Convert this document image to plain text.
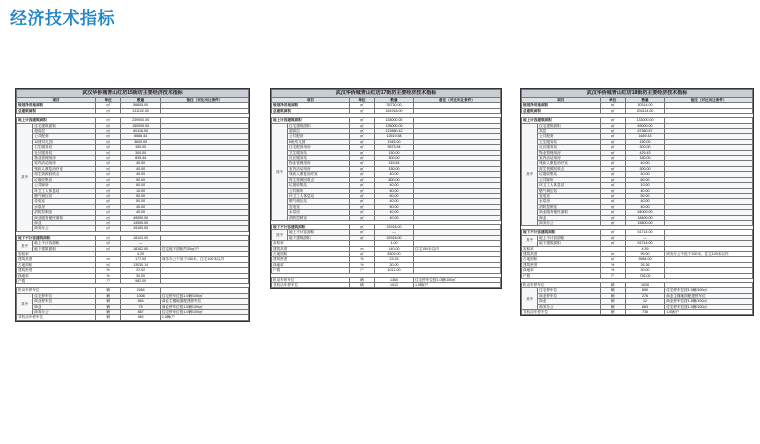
经济技术指标
武汉华侨城青山红坊15街坊主要经济技术指标				
项目		单位	数量	备注（对比出让条件）
规划净用地面积		㎡	56805.00	
总建筑面积		㎡	311102.00	

地上计容建筑面积		㎡	239000.00	
其中	住宅建筑面积	㎡	150000.00	
	超高层	㎡	60116.00	
	公共配套	㎡	6666.44	
	12班幼儿园	㎡	3600.00	
	卫生服务站	㎡	150.00	
	社区服务站	㎡	300.00	
	物业管理用房	㎡	835.44	
	室内活动用房	㎡	40.00	
	残疾人康复治疗室	㎡	40.00	
	再生资源回收点	㎡	40.00	
	垃圾收集站	㎡	50.00	
	公共厕所	㎡	60.00	
	环卫工人休息站	㎡	10.00	
	燃气调压站	㎡	50.00	
	变电室	㎡	50.00	
	水泵房	㎡	40.00	
	消防控制室	㎡	40.00	
	商业服务便民面积	㎡	49000.00	
	商业	㎡	14900.00	
	商务办公	㎡	19100.00	

地下不计容建筑面积		㎡	18102.00	
其中	地上不计容面积	㎡	—	
	地下建筑面积	㎡	18102.00	住宅地下面积约30㎡/户
容积率			4.20	
建筑高度		m	177.00	商务办公不低于150米，住宅100米以内
占地面积		㎡	13030.14	
建筑密度		%	22.92	
绿地率		%	30.00	
户数		户	982.00	

机动车停车位		辆	2464	
其中	住宅停车位	辆	1008	住宅停车位按1.0辆/100㎡
	商业停车位	辆	564	商业主楼地面配建停车位
	商业	辆	75	商业停车位按1.5辆/100㎡
	商务办公	辆	887	住宅停车位按1.0辆/100㎡
非机动车停车位		辆	982	1.0辆/户
武汉华侨城青山红坊17街坊主要经济技术指标				
项目		单位	数量	备注（对比出让条件）
规划净用地面积		㎡	35730.00	
总建筑面积		㎡	161918.00	

地上计容建筑面积		㎡	135000.00	
其中	住宅建筑面积	㎡	135000.00	
	超高层	㎡	122880.42	
	公共配套	㎡	12619.58	
	6班幼儿园	㎡	1945.00	
	住宅配套用房	㎡	9573.94	
	卫生服务站	㎡	150.00	
	社区服务站	㎡	300.00	
	物业管理用房	㎡	315.64	
	室内活动用房	㎡	150.00	
	残疾人康复治疗室	㎡	40.00	
	再生资源回收点	㎡	800.00	
	垃圾收集站	㎡	40.00	
	公共厕所	㎡	60.00	
	环卫工人休息站	㎡	60.00	
	燃气调压站	㎡	40.00	
	变电室	㎡	50.00	
	水泵房	㎡	40.00	
	消防控制室	㎡	40.00	

地下不计容建筑面积		㎡	32918.00	
其中	地上不计容面积	㎡	—	
	地下建筑面积	㎡	32918.00	
容积率			4.00	
建筑高度		m	140.00	住宅150米以内
占地面积		㎡	8309.00	
建筑密度		%	23.25	
绿地率		%	30.00	
户数		户	1012.00	

机动车停车位		辆	1360	住宅停车位按1.0辆/100㎡
非机动车停车位		辆	1012	1.0辆/户
武汉华侨城青山红坊18街坊主要经济技术指标				
项目		单位	数量	备注（对比出让条件）
规划净用地面积		㎡	30314.00	
总建筑面积		㎡	204114.00	

地上计容建筑面积		㎡	133000.00	
其中	住宅建筑面积	㎡	69000.00	
	高层	㎡	67360.57	
	公共配套	㎡	1649.43	
	卫生服务站	㎡	150.00	
	社区服务站	㎡	300.00	
	物业管理用房	㎡	429.43	
	室内活动用房	㎡	150.00	
	残疾人康复治疗室	㎡	40.00	
	再生资源回收点	㎡	300.00	
	垃圾收集站	㎡	40.00	
	公共厕所	㎡	60.00	
	环卫工人休息站	㎡	10.00	
	燃气调压站	㎡	40.00	
	变电室	㎡	50.00	
	水泵房	㎡	40.00	
	消防控制室	㎡	40.00	
	商业服务便民面积	㎡	64000.00	
	商业	㎡	18400.00	
	商务办公	㎡	15600.00	

地下不计容建筑面积		㎡	51714.00	
其中	地上不计容面积	㎡	—	
	地下建筑面积	㎡	51714.00	
容积率			4.39	
建筑高度		m	99.00	商务办公不低于100米，住宅100米以内
占地面积		㎡	9984.00	
建筑密度		%	26.36	
绿地率		%	30.00	
户数		户	736.00	

机动车停车位		辆	1626	
其中	住宅停车位	辆	690	住宅停车位按1.0辆/100㎡
	商业停车位	辆	276	商业主楼地面配建停车位
	商业	辆	12	商业停车位按1.5辆/100㎡
	商务办公	辆	663	住宅停车位按1.0辆/100㎡
非机动车停车位		辆	736	1.0辆/户
